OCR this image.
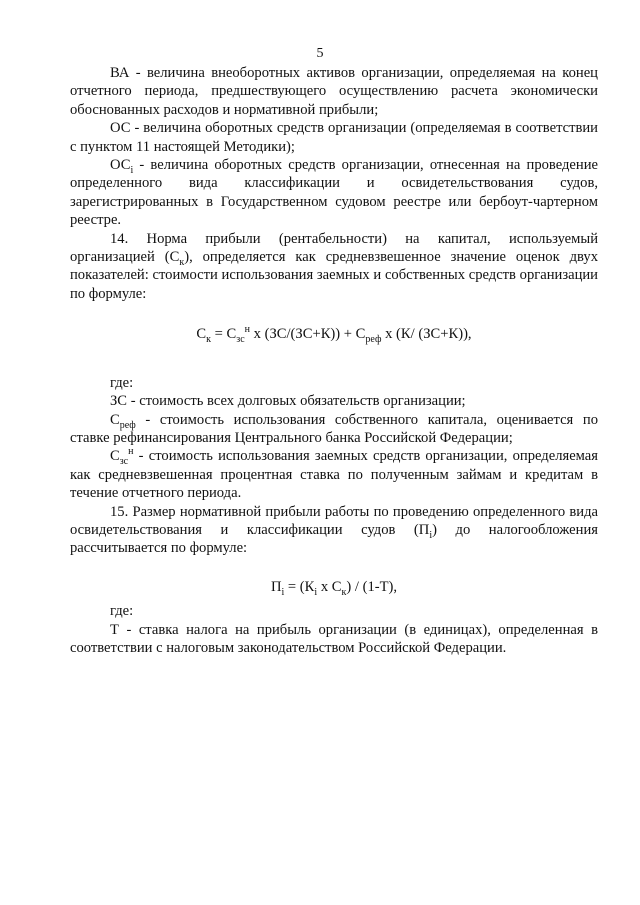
5

ВА - величина внеоборотных активов организации, определяемая на конец отчетного периода, предшествующего осуществлению расчета экономически обоснованных расходов и нормативной прибыли;

ОС - величина оборотных средств организации (определяемая в соответствии с пунктом 11 настоящей Методики);

$ОС_i$ - величина оборотных средств организации, отнесенная на проведение определенного вида классификации и освидетельствования судов, зарегистрированных в Государственном судовом реестре или бербоут-чартерном реестре.

14. Норма прибыли (рентабельности) на капитал, используемый организацией $(С_к)$, определяется как средневзвешенное значение оценок двух показателей: стоимости использования заемных и собственных средств организации по формуле:

$С_к = С_{зс}^н$ х $(ЗС/(ЗС+К)) + С_{реф}$ х (К/ (ЗС+К)),

где:

ЗС - стоимость всех долговых обязательств организации;

$С_{реф}$ - стоимость использования собственного капитала, оценивается по ставке рефинансирования Центрального банка Российской Федерации;

$С_{зс}^н$ - стоимость использования заемных средств организации, определяемая как средневзвешенная процентная ставка по полученным займам и кредитам в течение отчетного периода.

15. Размер нормативной прибыли работы по проведению определенного вида освидетельствования и классификации судов $(П_i)$ до налогообложения рассчитывается по формуле:

$П_i = (К_i$ х $С_к) / (1-Т)$,

где:

Т - ставка налога на прибыль организации (в единицах), определенная в соответствии с налоговым законодательством Российской Федерации.
